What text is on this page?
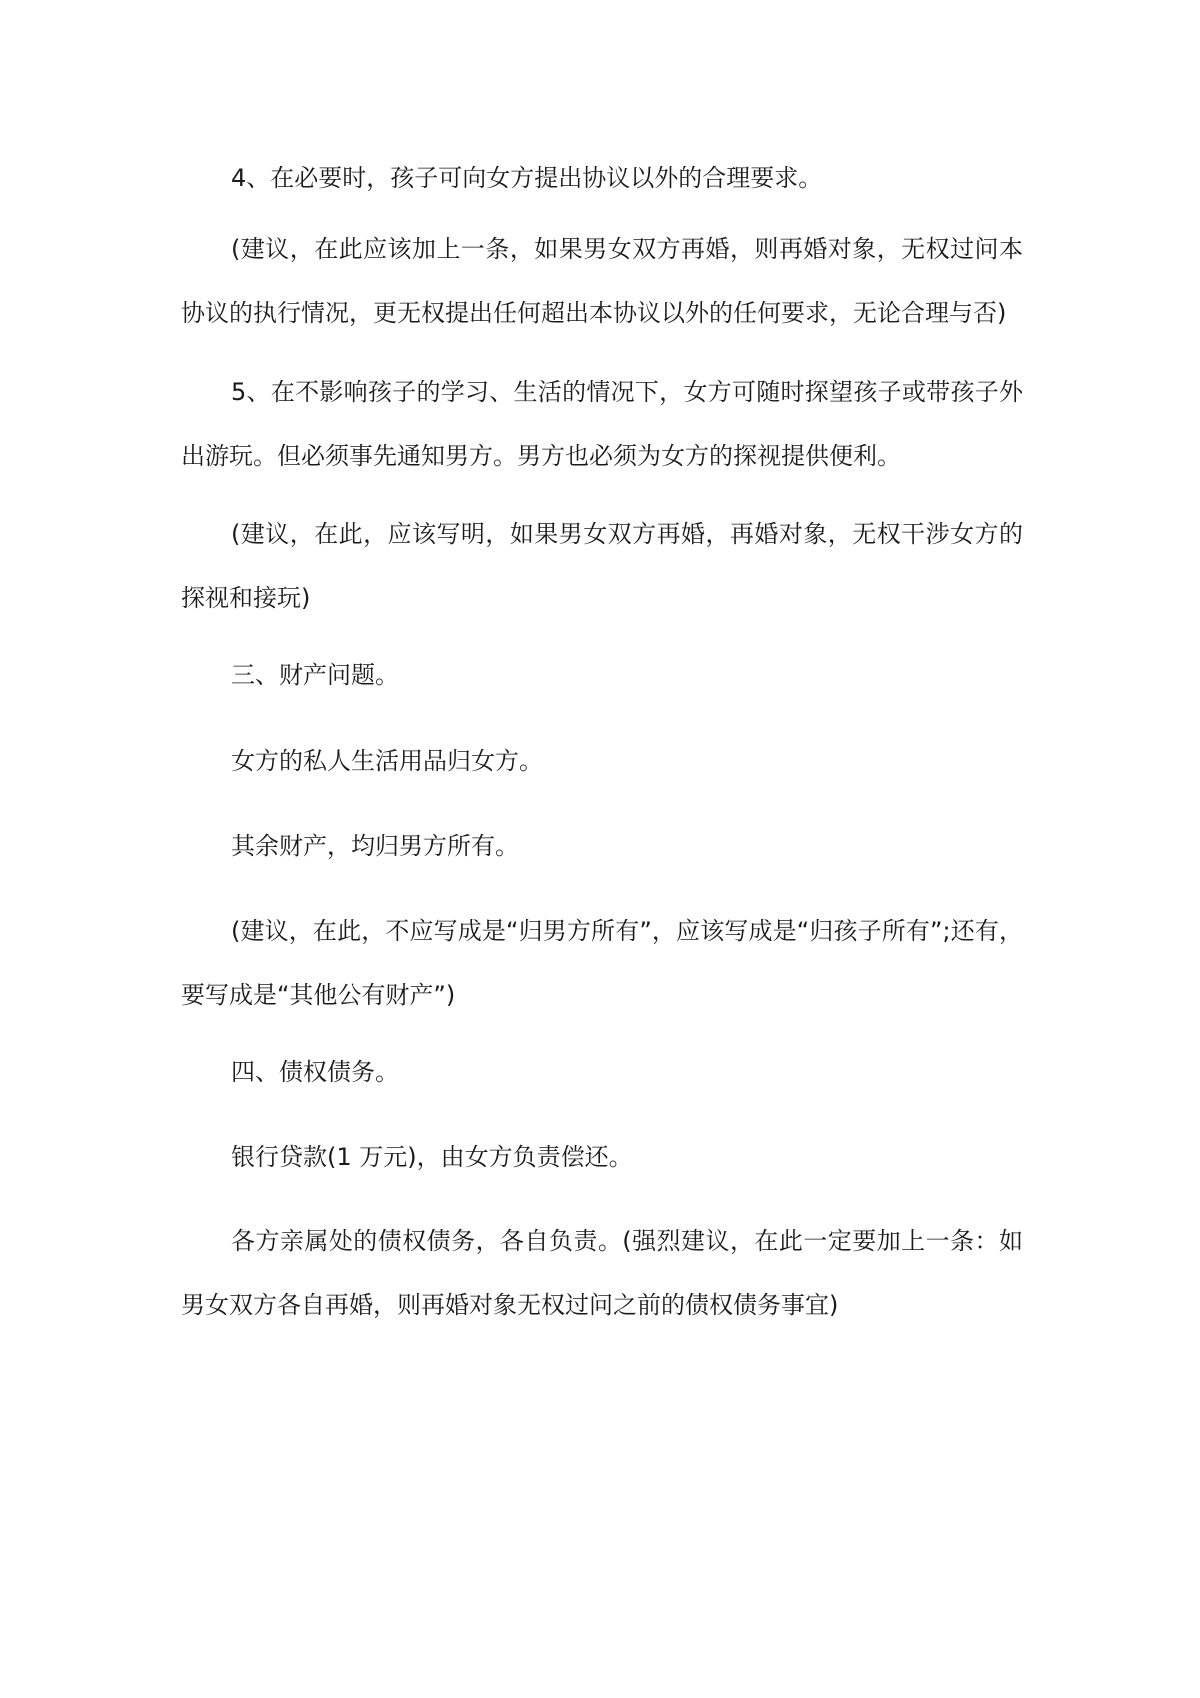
4、在必要时，孩子可向女方提出协议以外的合理要求。

(建议，在此应该加上一条，如果男女双方再婚，则再婚对象，无权过问本协议的执行情况，更无权提出任何超出本协议以外的任何要求，无论合理与否)

5、在不影响孩子的学习、生活的情况下，女方可随时探望孩子或带孩子外出游玩。但必须事先通知男方。男方也必须为女方的探视提供便利。

(建议，在此，应该写明，如果男女双方再婚，再婚对象，无权干涉女方的探视和接玩)

三、财产问题。

女方的私人生活用品归女方。

其余财产，均归男方所有。

(建议，在此，不应写成是“归男方所有”，应该写成是“归孩子所有”;还有，要写成是“其他公有财产”)

四、债权债务。

银行贷款(1 万元)，由女方负责偿还。

各方亲属处的债权债务，各自负责。(强烈建议，在此一定要加上一条：如男女双方各自再婚，则再婚对象无权过问之前的债权债务事宜)
